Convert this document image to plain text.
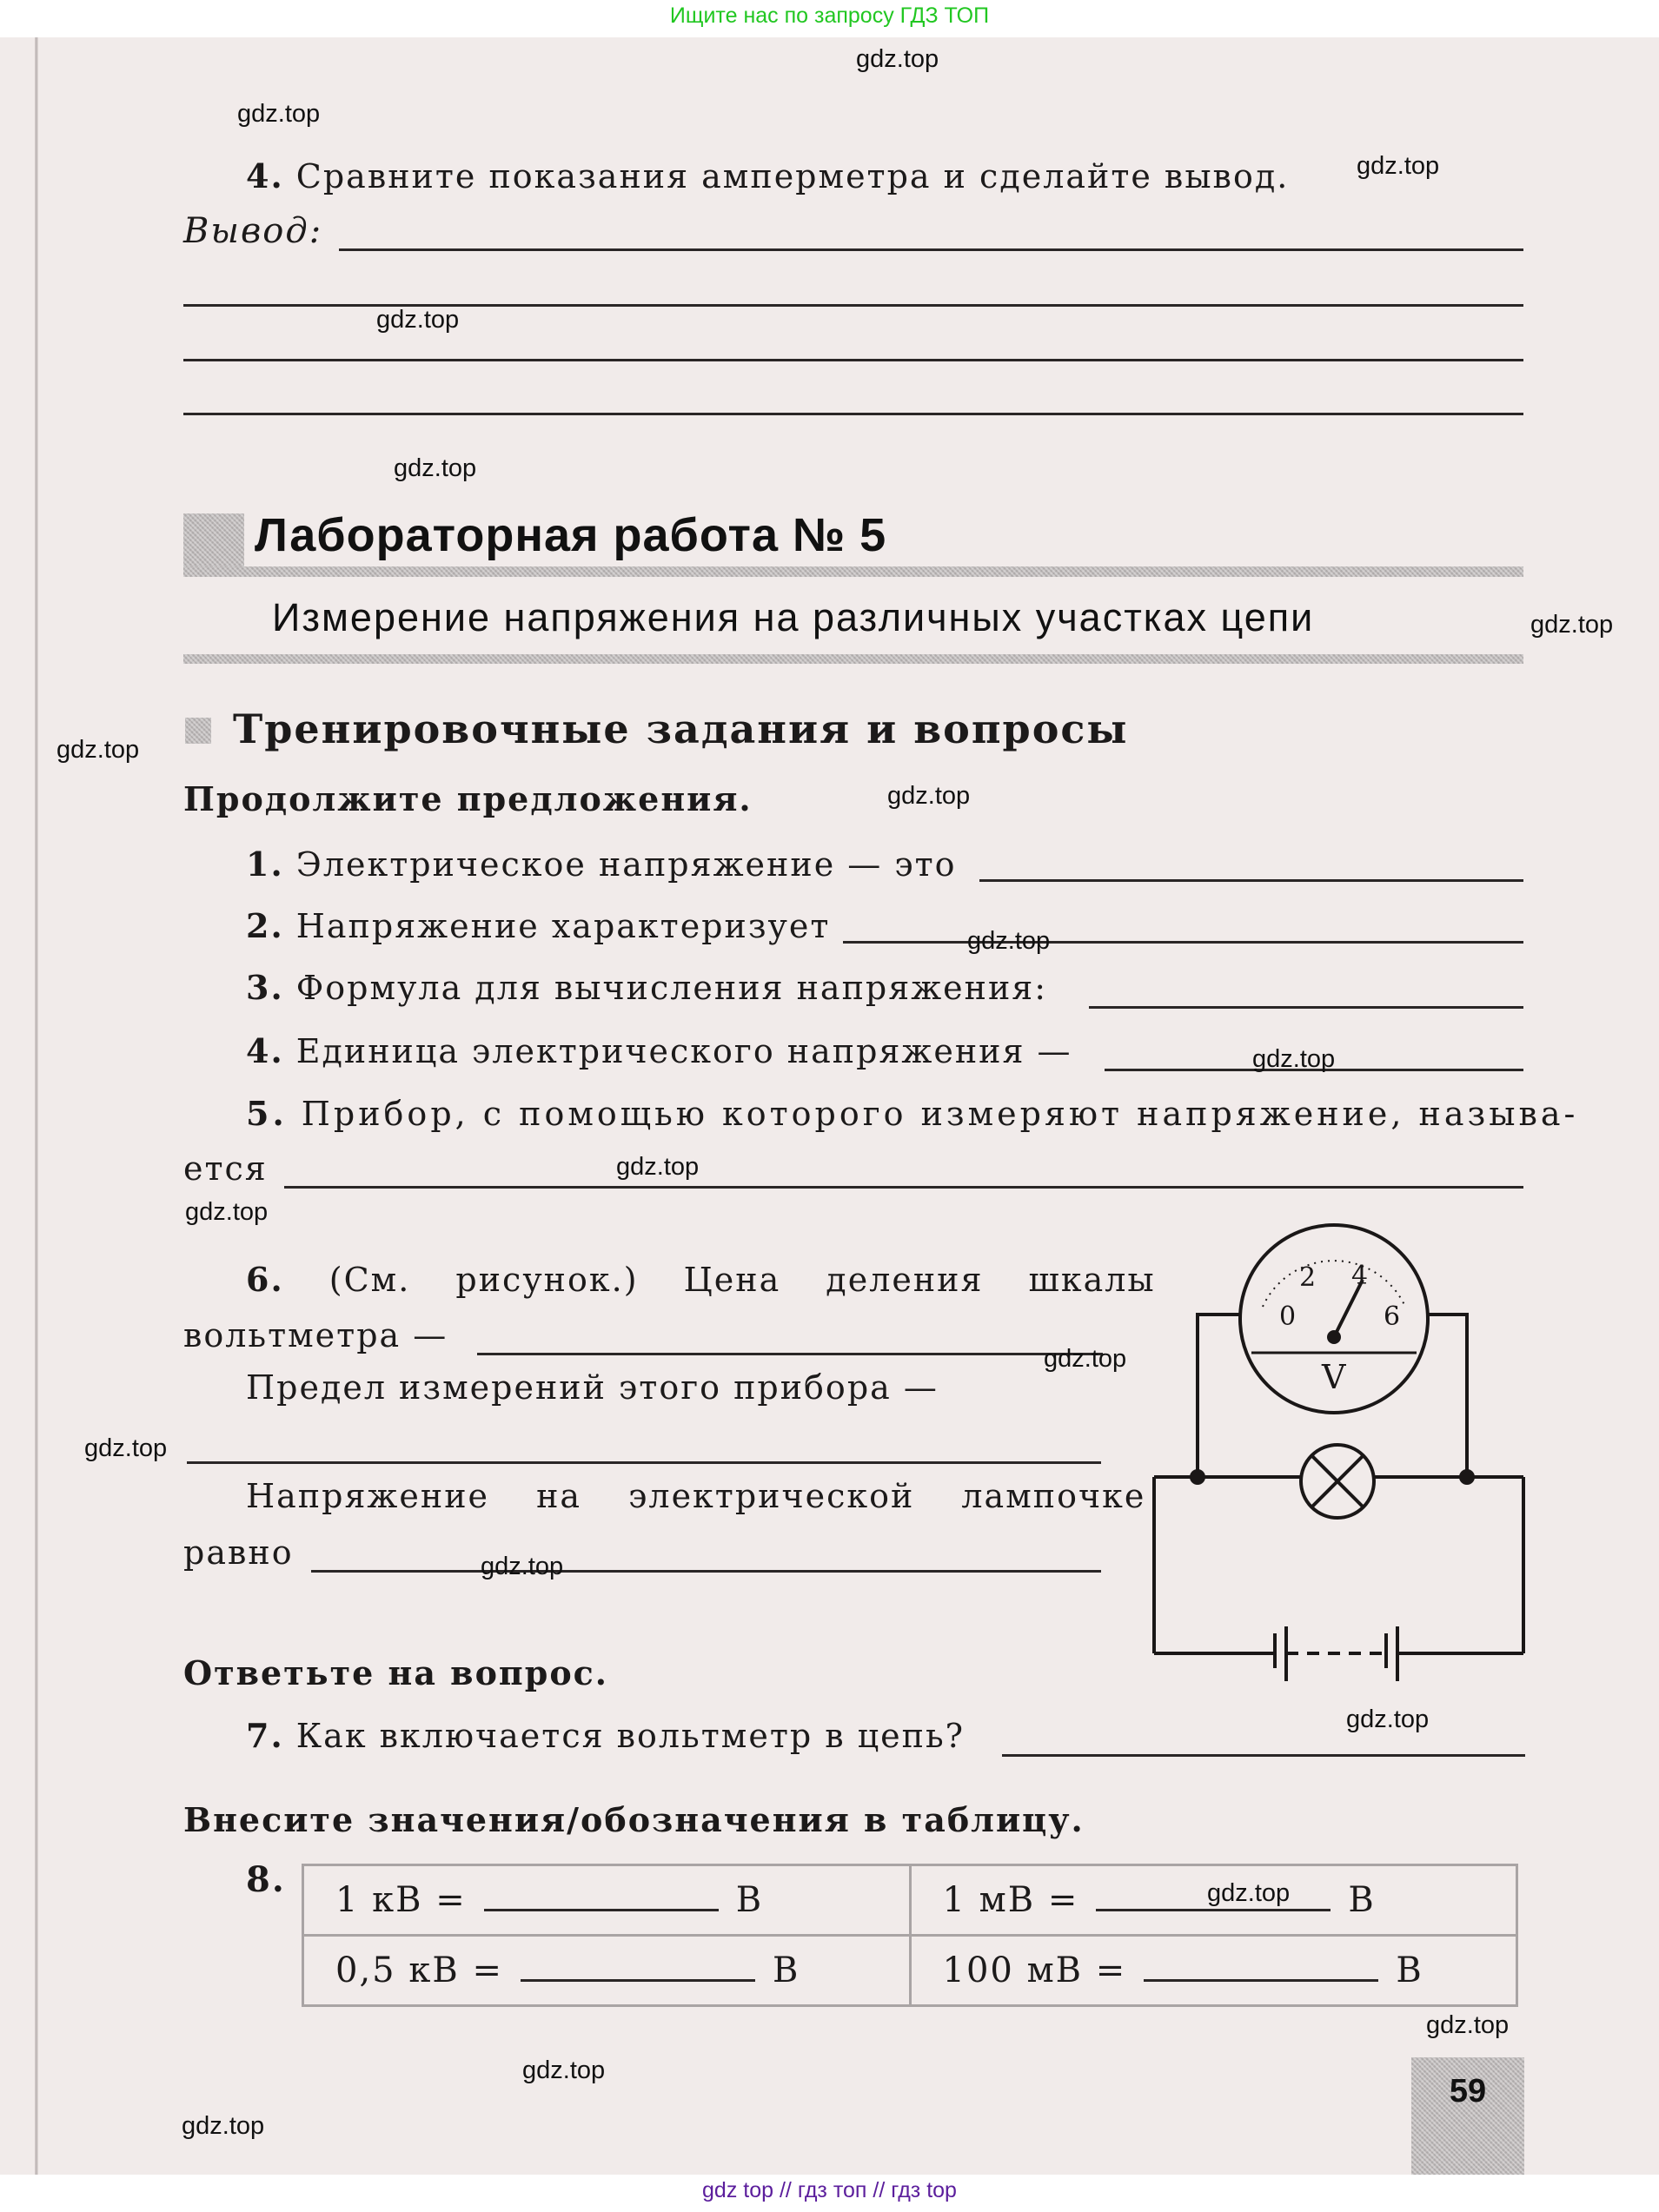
Ищите нас по запросу ГДЗ ТОП
4. Сравните показания амперметра и сделайте вывод.
Вывод:
Лабораторная работа № 5
Измерение напряжения на различных участках цепи
Тренировочные задания и вопросы
Продолжите предложения.
1. Электрическое напряжение — это
2. Напряжение характеризует
3. Формула для вычисления напряжения:
4. Единица электрического напряжения —
5. Прибор, с помощью которого измеряют напряжение, называ-
ется
6. (См. рисунок.) Цена деления шкалы
вольтметра —
Предел измерений этого прибора —
Напряжение на электрической лампочке
равно
0
2 4
6
V
Ответьте на вопрос.
7. Как включается вольтметр в цепь?
Внесите значения/обозначения в таблицу.
8. 1 кВ = В	1 мВ = В
0,5 кВ = В	100 мВ = В
59
gdz.top
gdz.top
gdz.top
gdz.top
gdz.top
gdz.top
gdz.top
gdz.top
gdz.top
gdz.top
gdz.top
gdz.top
gdz.top
gdz.top
gdz.top
gdz.top
gdz.top
gdz.top
gdz.top
gdz.top
gdz top // гдз топ // гдз top
